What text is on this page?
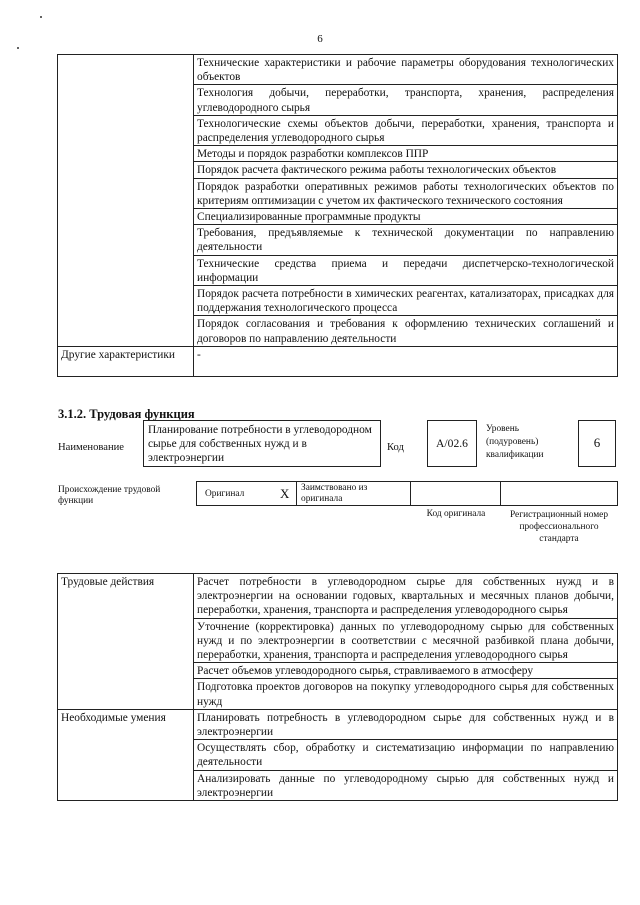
6
	Технические характеристики и рабочие параметры оборудования технологических объектов
	Технология добычи, переработки, транспорта, хранения, распределения углеводородного сырья
	Технологические схемы объектов добычи, переработки, хранения, транспорта и распределения углеводородного сырья
	Методы и порядок разработки комплексов ППР
	Порядок расчета фактического режима работы технологических объектов
	Порядок разработки оперативных режимов работы технологических объектов по критериям оптимизации с учетом их фактического технического состояния
	Специализированные программные продукты
	Требования, предъявляемые к технической документации по направлению деятельности
	Технические средства приема и передачи диспетчерско-технологической информации
	Порядок расчета потребности в химических реагентах, катализаторах, присадках для поддержания технологического процесса
	Порядок согласования и требования к оформлению технических соглашений и договоров по направлению деятельности
Другие характеристики	-
3.1.2. Трудовая функция
Наименование
Планирование потребности в углеводородном сырье для собственных нужд и в электроэнергии
Код	A/02.6
Уровень (подуровень) квалификации
6
Происхождение трудовой функции
Оригинал	X Заимствовано из оригинала
Код оригинала	Регистрационный номер профессионального стандарта
Трудовые действия	Расчет потребности в углеводородном сырье для собственных нужд и в электроэнергии на основании годовых, квартальных и месячных планов добычи, переработки, хранения, транспорта и распределения углеводородного сырья
	Уточнение (корректировка) данных по углеводородному сырью для собственных нужд и по электроэнергии в соответствии с месячной разбивкой плана добычи, переработки, хранения, транспорта и распределения углеводородного сырья
	Расчет объемов углеводородного сырья, стравливаемого в атмосферу
	Подготовка проектов договоров на покупку углеводородного сырья для собственных нужд
Необходимые умения	Планировать потребность в углеводородном сырье для собственных нужд и в электроэнергии
	Осуществлять сбор, обработку и систематизацию информации по направлению деятельности
	Анализировать данные по углеводородному сырью для собственных нужд и электроэнергии
